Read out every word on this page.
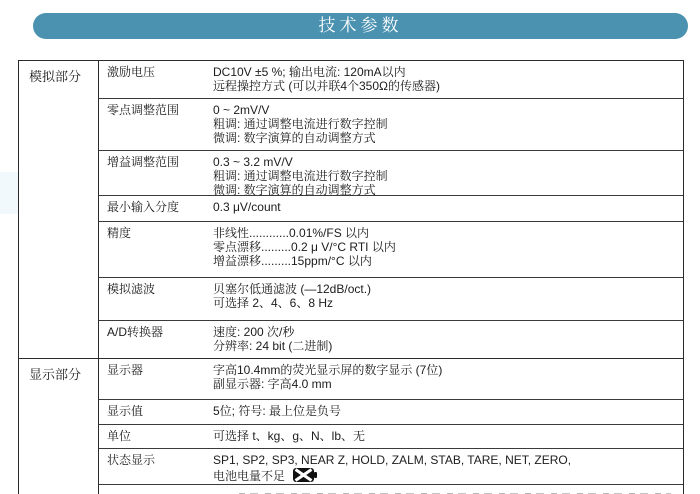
技术参数
模拟部分	激励电压	DC10V ±5 %; 输出电流: 120mA以内
远程操控方式 (可以并联4个350Ω的传感器)
零点调整范围	0 ~ 2mV/V
粗调: 通过调整电流进行数字控制
微调: 数字演算的自动调整方式
增益调整范围	0.3 ~ 3.2 mV/V
粗调: 通过调整电流进行数字控制
微调: 数字演算的自动调整方式
最小输入分度	0.3 μV/count
精度	非线性............0.01%/FS 以内
零点漂移.........0.2 μ V/°C RTI 以内
增益漂移.........15ppm/°C 以内
模拟滤波	贝塞尔低通滤波 (—12dB/oct.)
可选择 2、4、6、8 Hz
A/D转换器	速度: 200 次/秒
分辨率: 24 bit (二进制)
显示部分	显示器	字高10.4mm的荧光显示屏的数字显示 (7位)
副显示器: 字高4.0 mm
显示值	5位; 符号: 最上位是负号
单位	可选择 t、kg、g、N、lb、无
状态显示	SP1, SP2, SP3, NEAR Z, HOLD, ZALM, STAB, TARE, NET, ZERO,
电池电量不足
